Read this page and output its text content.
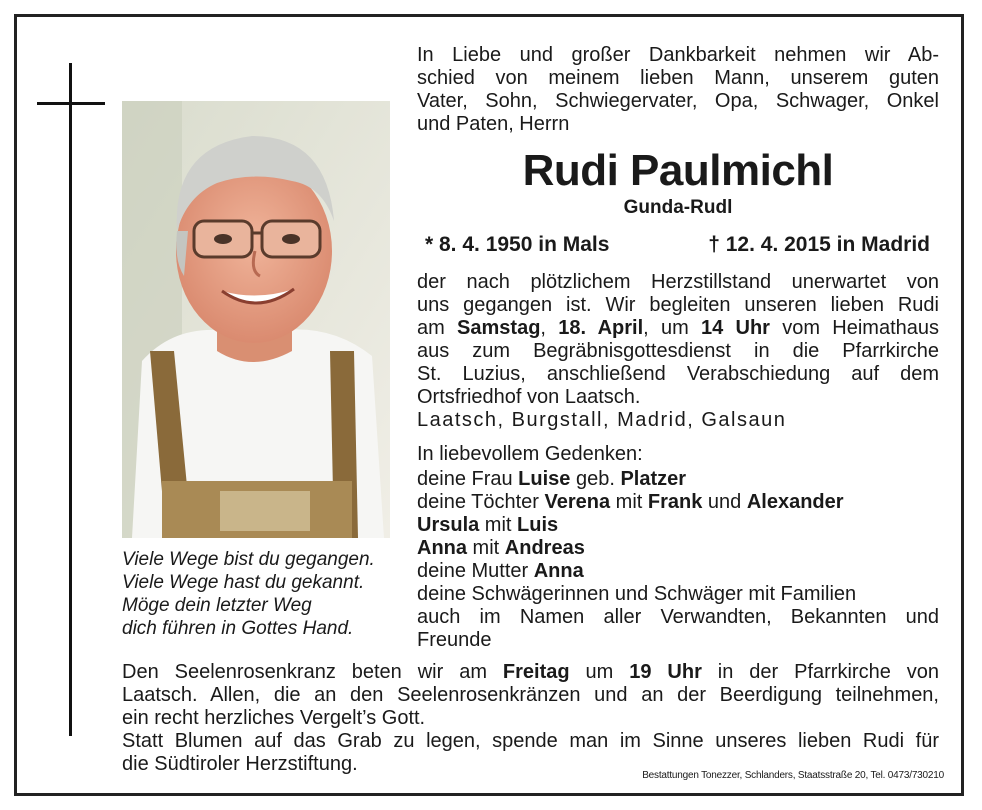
In Liebe und großer Dankbarkeit nehmen wir Ab-
schied von meinem lieben Mann, unserem guten
Vater, Sohn, Schwiegervater, Opa, Schwager, Onkel
und Paten, Herrn
Rudi Paulmichl
Gunda-Rudl
* 8. 4. 1950 in Mals	† 12. 4. 2015 in Madrid
der nach plötzlichem Herzstillstand unerwartet von
uns gegangen ist. Wir begleiten unseren lieben Rudi
am Samstag, 18. April, um 14 Uhr vom Heimathaus
aus zum Begräbnisgottesdienst in die Pfarrkirche
St. Luzius, anschließend Verabschiedung auf dem
Ortsfriedhof von Laatsch.
Laatsch, Burgstall, Madrid, Galsaun
In liebevollem Gedenken:
deine Frau Luise geb. Platzer
deine Töchter Verena mit Frank und Alexander
Ursula mit Luis
Anna mit Andreas
deine Mutter Anna
deine Schwägerinnen und Schwäger mit Familien
auch im Namen aller Verwandten, Bekannten und
Freunde
Viele Wege bist du gegangen.
Viele Wege hast du gekannt.
Möge dein letzter Weg
dich führen in Gottes Hand.
Den Seelenrosenkranz beten wir am Freitag um 19 Uhr in der Pfarrkirche von
Laatsch. Allen, die an den Seelenrosenkränzen und an der Beerdigung teilnehmen,
ein recht herzliches Vergelt’s Gott.
Statt Blumen auf das Grab zu legen, spende man im Sinne unseres lieben Rudi für
die Südtiroler Herzstiftung.
Bestattungen Tonezzer, Schlanders, Staatsstraße 20, Tel. 0473/730210
